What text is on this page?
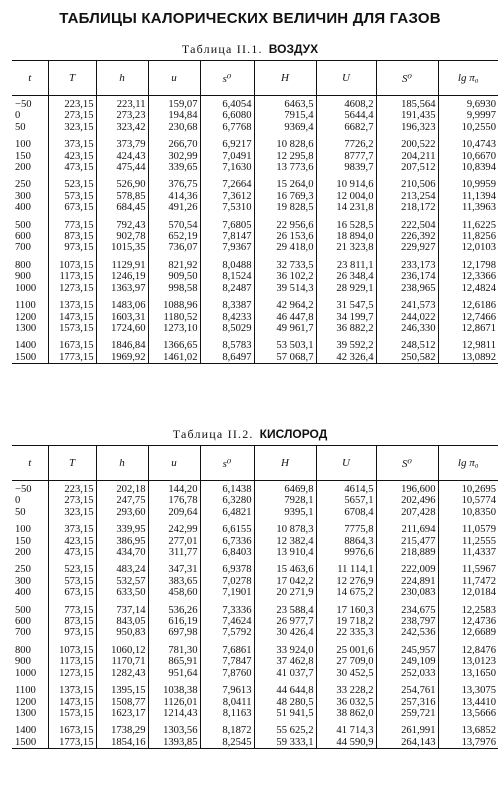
ТАБЛИЦЫ КАЛОРИЧЕСКИХ ВЕЛИЧИН ДЛЯ ГАЗОВ
Таблица II.1. ВОЗДУХ
t	T	h	u	s⁰	H	U	S⁰	lg π₀
−50	223,15	223,11	159,07	6,4054	6463,5	4608,2	185,564	9,6930
0	273,15	273,23	194,84	6,6080	7915,4	5644,4	191,435	9,9997
50	323,15	323,42	230,68	6,7768	9369,4	6682,7	196,323	10,2550

100	373,15	373,79	266,70	6,9217	10 828,6	7726,2	200,522	10,4743
150	423,15	424,43	302,99	7,0491	12 295,8	8777,7	204,211	10,6670
200	473,15	475,44	339,65	7,1630	13 773,6	9839,7	207,512	10,8394

250	523,15	526,90	376,75	7,2664	15 264,0	10 914,6	210,506	10,9959
300	573,15	578,85	414,36	7,3612	16 769,3	12 004,0	213,254	11,1394
400	673,15	684,45	491,26	7,5310	19 828,5	14 231,8	218,172	11,3963

500	773,15	792,43	570,54	7,6805	22 956,6	16 528,5	222,504	11,6225
600	873,15	902,78	652,19	7,8147	26 153,6	18 894,0	226,392	11,8256
700	973,15	1015,35	736,07	7,9367	29 418,0	21 323,8	229,927	12,0103

800	1073,15	1129,91	821,92	8,0488	32 733,5	23 811,1	233,173	12,1798
900	1173,15	1246,19	909,50	8,1524	36 102,2	26 348,4	236,174	12,3366
1000	1273,15	1363,97	998,58	8,2487	39 514,3	28 929,1	238,965	12,4824

1100	1373,15	1483,06	1088,96	8,3387	42 964,2	31 547,5	241,573	12,6186
1200	1473,15	1603,31	1180,52	8,4233	46 447,8	34 199,7	244,022	12,7466
1300	1573,15	1724,60	1273,10	8,5029	49 961,7	36 882,2	246,330	12,8671

1400	1673,15	1846,84	1366,65	8,5783	53 503,1	39 592,2	248,512	12,9811
1500	1773,15	1969,92	1461,02	8,6497	57 068,7	42 326,4	250,582	13,0892
Таблица II.2. КИСЛОРОД
t	T	h	u	s⁰	H	U	S⁰	lg π₀
−50	223,15	202,18	144,20	6,1438	6469,8	4614,5	196,600	10,2695
0	273,15	247,75	176,78	6,3280	7928,1	5657,1	202,496	10,5774
50	323,15	293,60	209,64	6,4821	9395,1	6708,4	207,428	10,8350

100	373,15	339,95	242,99	6,6155	10 878,3	7775,8	211,694	11,0579
150	423,15	386,95	277,01	6,7336	12 382,4	8864,3	215,477	11,2555
200	473,15	434,70	311,77	6,8403	13 910,4	9976,6	218,889	11,4337

250	523,15	483,24	347,31	6,9378	15 463,6	11 114,1	222,009	11,5967
300	573,15	532,57	383,65	7,0278	17 042,2	12 276,9	224,891	11,7472
400	673,15	633,50	458,60	7,1901	20 271,9	14 675,2	230,083	12,0184

500	773,15	737,14	536,26	7,3336	23 588,4	17 160,3	234,675	12,2583
600	873,15	843,05	616,19	7,4624	26 977,7	19 718,2	238,797	12,4736
700	973,15	950,83	697,98	7,5792	30 426,4	22 335,3	242,536	12,6689

800	1073,15	1060,12	781,30	7,6861	33 924,0	25 001,6	245,957	12,8476
900	1173,15	1170,71	865,91	7,7847	37 462,8	27 709,0	249,109	13,0123
1000	1273,15	1282,43	951,64	7,8760	41 037,7	30 452,5	252,033	13,1650

1100	1373,15	1395,15	1038,38	7,9613	44 644,8	33 228,2	254,761	13,3075
1200	1473,15	1508,77	1126,01	8,0411	48 280,5	36 032,5	257,316	13,4410
1300	1573,15	1623,17	1214,43	8,1163	51 941,5	38 862,0	259,721	13,5666

1400	1673,15	1738,29	1303,56	8,1872	55 625,2	41 714,3	261,991	13,6852
1500	1773,15	1854,16	1393,85	8,2545	59 333,1	44 590,9	264,143	13,7976
